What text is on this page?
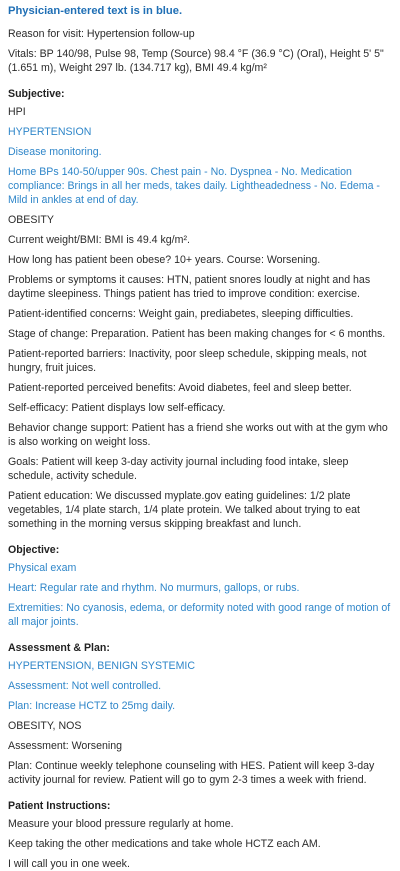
Physician-entered text is in blue.
Reason for visit: Hypertension follow-up
Vitals: BP 140/98, Pulse 98, Temp (Source) 98.4 °F (36.9 °C) (Oral), Height 5' 5" (1.651 m), Weight 297 lb. (134.717 kg), BMI 49.4 kg/m²
Subjective:
HPI
HYPERTENSION
Disease monitoring.
Home BPs 140-50/upper 90s. Chest pain - No. Dyspnea - No. Medication compliance: Brings in all her meds, takes daily. Lightheadedness - No. Edema - Mild in ankles at end of day.
OBESITY
Current weight/BMI: BMI is 49.4 kg/m².
How long has patient been obese? 10+ years. Course: Worsening.
Problems or symptoms it causes: HTN, patient snores loudly at night and has daytime sleepiness. Things patient has tried to improve condition: exercise.
Patient-identified concerns: Weight gain, prediabetes, sleeping difficulties.
Stage of change: Preparation. Patient has been making changes for < 6 months.
Patient-reported barriers: Inactivity, poor sleep schedule, skipping meals, not hungry, fruit juices.
Patient-reported perceived benefits: Avoid diabetes, feel and sleep better.
Self-efficacy: Patient displays low self-efficacy.
Behavior change support: Patient has a friend she works out with at the gym who is also working on weight loss.
Goals: Patient will keep 3-day activity journal including food intake, sleep schedule, activity schedule.
Patient education: We discussed myplate.gov eating guidelines: 1/2 plate vegetables, 1/4 plate starch, 1/4 plate protein. We talked about trying to eat something in the morning versus skipping breakfast and lunch.
Objective:
Physical exam
Heart: Regular rate and rhythm. No murmurs, gallops, or rubs.
Extremities: No cyanosis, edema, or deformity noted with good range of motion of all major joints.
Assessment & Plan:
HYPERTENSION, BENIGN SYSTEMIC
Assessment: Not well controlled.
Plan: Increase HCTZ to 25mg daily.
OBESITY, NOS
Assessment: Worsening
Plan: Continue weekly telephone counseling with HES. Patient will keep 3-day activity journal for review. Patient will go to gym 2-3 times a week with friend.
Patient Instructions:
Measure your blood pressure regularly at home.
Keep taking the other medications and take whole HCTZ each AM.
I will call you in one week.
